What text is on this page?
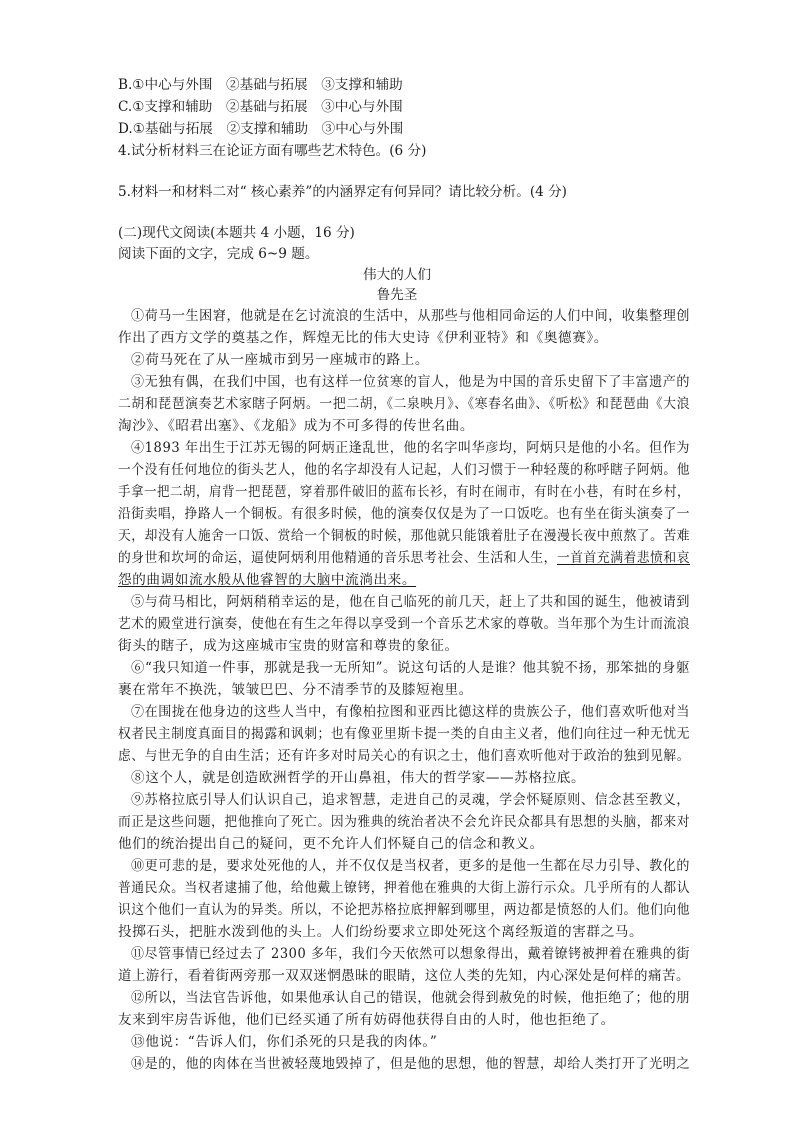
B.①中心与外围　②基础与拓展　③支撑和辅助
C.①支撑和辅助　②基础与拓展　③中心与外围
D.①基础与拓展　②支撑和辅助　③中心与外围
4.试分析材料三在论证方面有哪些艺术特色。(6 分)
5.材料一和材料二对“ 核心素养”的内涵界定有何异同？请比较分析。(4 分)
(二)现代文阅读(本题共 4 小题，16 分)
阅读下面的文字，完成 6~9 题。
伟大的人们
鲁先圣
①荷马一生困窘，他就是在乞讨流浪的生活中，从那些与他相同命运的人们中间，收集整理创
作出了西方文学的奠基之作，辉煌无比的伟大史诗《伊利亚特》和《奥德赛》。
②荷马死在了从一座城市到另一座城市的路上。
③无独有偶，在我们中国，也有这样一位贫寒的盲人，他是为中国的音乐史留下了丰富遗产的
二胡和琵琶演奏艺术家瞎子阿炳。一把二胡，《二泉映月》、《寒春名曲》、《听松》和琵琶曲《大浪
淘沙》、《昭君出塞》、《龙船》成为不可多得的传世名曲。
④1893 年出生于江苏无锡的阿炳正逢乱世，他的名字叫华彦均，阿炳只是他的小名。但作为
一个没有任何地位的街头艺人，他的名字却没有人记起，人们习惯于一种轻蔑的称呼瞎子阿炳。他
手拿一把二胡，肩背一把琵琶，穿着那件破旧的蓝布长衫，有时在闹市，有时在小巷，有时在乡村，
沿街卖唱，挣路人一个铜板。有很多时候，他的演奏仅仅是为了一口饭吃。也有坐在街头演奏了一
天，却没有人施舍一口饭、赏给一个铜板的时候，那他就只能饿着肚子在漫漫长夜中煎熬了。苦难
的身世和坎坷的命运，逼使阿炳利用他精通的音乐思考社会、生活和人生，一首首充满着悲愤和哀
怨的曲调如流水般从他睿智的大脑中流淌出来。
⑤与荷马相比，阿炳稍稍幸运的是，他在自己临死的前几天，赶上了共和国的诞生，他被请到
艺术的殿堂进行演奏，使他在有生之年得以享受到一个音乐艺术家的尊敬。当年那个为生计而流浪
街头的瞎子，成为这座城市宝贵的财富和尊贵的象征。
⑥“我只知道一件事，那就是我一无所知”。说这句话的人是谁？他其貌不扬，那笨拙的身躯
裹在常年不换洗，皱皱巴巴、分不清季节的及膝短袍里。
⑦在围拢在他身边的这些人当中，有像柏拉图和亚西比德这样的贵族公子，他们喜欢听他对当
权者民主制度真面目的揭露和讽刺；也有像亚里斯卡提一类的自由主义者，他们向往过一种无忧无
虑、与世无争的自由生活；还有许多对时局关心的有识之士，他们喜欢听他对于政治的独到见解。
⑧这个人，就是创造欧洲哲学的开山鼻祖，伟大的哲学家——苏格拉底。
⑨苏格拉底引导人们认识自己，追求智慧，走进自己的灵魂，学会怀疑原则、信念甚至教义，
而正是这些问题，把他推向了死亡。因为雅典的统治者决不会允许民众都具有思想的头脑，都来对
他们的统治提出自己的疑问，更不允许人们怀疑自己的信念和教义。
⑩更可悲的是，要求处死他的人，并不仅仅是当权者，更多的是他一生都在尽力引导、教化的
普通民众。当权者逮捕了他，给他戴上镣铐，押着他在雅典的大街上游行示众。几乎所有的人都认
识这个他们一直认为的异类。所以，不论把苏格拉底押解到哪里，两边都是愤怒的人们。他们向他
投掷石头，把脏水泼到他的头上。人们纷纷要求立即处死这个离经叛道的害群之马。
⑪尽管事情已经过去了 2300 多年，我们今天依然可以想象得出，戴着镣铐被押着在雅典的街
道上游行，看着街两旁那一双双迷惘愚昧的眼睛，这位人类的先知，内心深处是何样的痛苦。
⑫所以，当法官告诉他，如果他承认自己的错误，他就会得到赦免的时候，他拒绝了；他的朋
友来到牢房告诉他，他们已经买通了所有妨碍他获得自由的人时，他也拒绝了。
⑬他说：“告诉人们，你们杀死的只是我的肉体。”
⑭是的，他的肉体在当世被轻蔑地毁掉了，但是他的思想，他的智慧，却给人类打开了光明之
